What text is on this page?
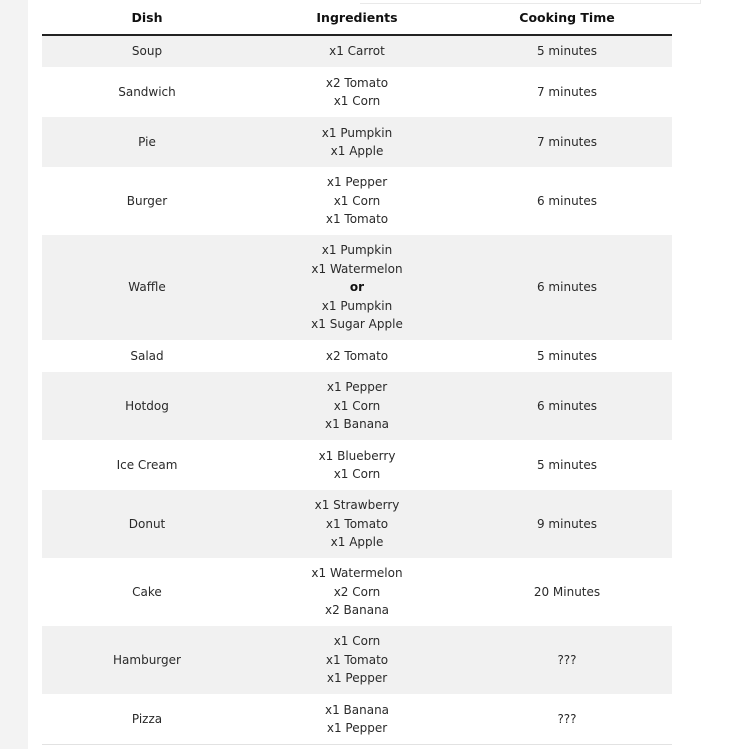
Dish	Ingredients	Cooking Time
Soup	x1 Carrot	5 minutes
Sandwich	x2 Tomato
x1 Corn	7 minutes
Pie	x1 Pumpkin
x1 Apple	7 minutes
Burger	x1 Pepper
x1 Corn
x1 Tomato	6 minutes
Waffle	x1 Pumpkin
x1 Watermelon
or
x1 Pumpkin
x1 Sugar Apple	6 minutes
Salad	x2 Tomato	5 minutes
Hotdog	x1 Pepper
x1 Corn
x1 Banana	6 minutes
Ice Cream	x1 Blueberry
x1 Corn	5 minutes
Donut	x1 Strawberry
x1 Tomato
x1 Apple	9 minutes
Cake	x1 Watermelon
x2 Corn
x2 Banana	20 Minutes
Hamburger	x1 Corn
x1 Tomato
x1 Pepper	???
Pizza	x1 Banana
x1 Pepper	???
